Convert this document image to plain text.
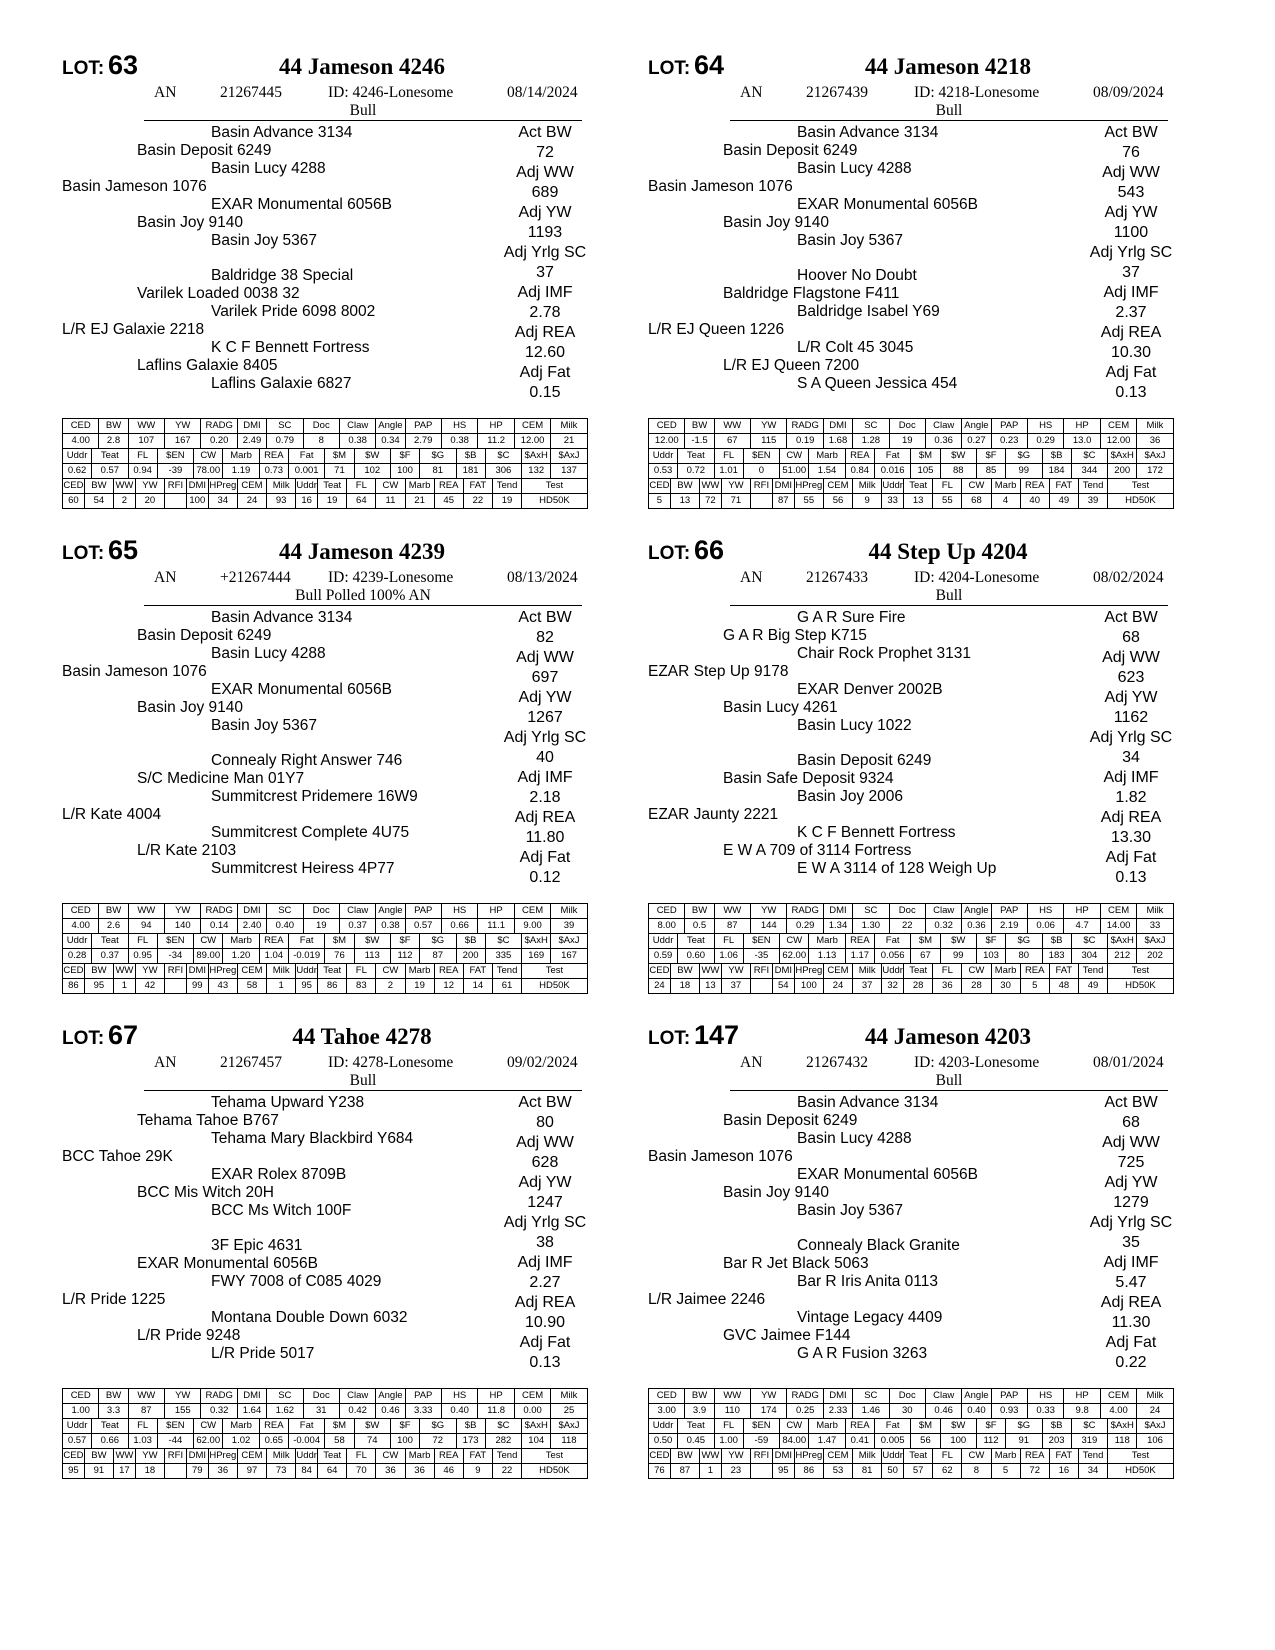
LOT: 63	44 Jameson 4246
AN	21267445	ID: 4246-Lonesome	08/14/2024
Bull
Basin Advance 3134
Basin Deposit 6249
Basin Lucy 4288
Basin Jameson 1076
EXAR Monumental 6056B
Basin Joy 9140
Basin Joy 5367
Baldridge 38 Special
Varilek Loaded 0038 32
Varilek Pride 6098 8002
L/R EJ Galaxie 2218
K C F Bennett Fortress
Laflins Galaxie 8405
Laflins Galaxie 6827
Act BW
72
Adj WW
689
Adj YW
1193
Adj Yrlg SC
37
Adj IMF
2.78
Adj REA
12.60
Adj Fat
0.15
CED			BW		WW			YW			RADG			DMI		SC			Doc			Claw			Angle		PAP			HS			HP			CEM		Milk
4.00			2.8		107			167			0.20			2.49		0.79			8			0.38			0.34		2.79			0.38			11.2			12.00		21
Uddr		Teat			FL		$EN			CW			Marb		REA		Fat				$M			$W		$F		$G			$B			$C			$AxH	$AxJ
0.62		0.57			0.94		-39			78.00			1.19		0.73		0.001				71			102		100		81			181			306			132	137
CED	BW			WW		YW		RFI	DMI			HPreg		CEM		Milk		Uddr		Teat			FL		CW		Marb		REA			FAT			Tend		Test	
60	54			2		20			100			34		24		93		16		19			64		11		21		45			22			19		HD50K	
LOT: 64	44 Jameson 4218
AN	21267439	ID: 4218-Lonesome	08/09/2024
Bull
Basin Advance 3134
Basin Deposit 6249
Basin Lucy 4288
Basin Jameson 1076
EXAR Monumental 6056B
Basin Joy 9140
Basin Joy 5367
Hoover No Doubt
Baldridge Flagstone F411
Baldridge Isabel Y69
L/R EJ Queen 1226
L/R Colt 45 3045
L/R EJ Queen 7200
S A Queen Jessica 454
Act BW
76
Adj WW
543
Adj YW
1100
Adj Yrlg SC
37
Adj IMF
2.37
Adj REA
10.30
Adj Fat
0.13
CED			BW		WW			YW			RADG			DMI		SC			Doc			Claw			Angle		PAP			HS			HP			CEM		Milk
12.00			-1.5		67			115			0.19			1.68		1.28			19			0.36			0.27		0.23			0.29			13.0			12.00		36
Uddr		Teat			FL		$EN			CW			Marb		REA		Fat				$M			$W		$F		$G			$B			$C			$AxH	$AxJ
0.53		0.72			1.01		0			51.00			1.54		0.84		0.016				105			88		85		99			184			344			200	172
CED	BW			WW		YW		RFI	DMI			HPreg		CEM		Milk		Uddr		Teat			FL		CW		Marb		REA			FAT			Tend		Test	
5	13			72		71			87			55		56		9		33		13			55		68		4		40			49			39		HD50K	
LOT: 65	44 Jameson 4239
AN	+21267444 ID: 4239-Lonesome	08/13/2024
Bull Polled 100% AN
Basin Advance 3134
Basin Deposit 6249
Basin Lucy 4288
Basin Jameson 1076
EXAR Monumental 6056B
Basin Joy 9140
Basin Joy 5367
Connealy Right Answer 746
S/C Medicine Man 01Y7
Summitcrest Pridemere 16W9
L/R Kate 4004
Summitcrest Complete 4U75
L/R Kate 2103
Summitcrest Heiress 4P77
Act BW
82
Adj WW
697
Adj YW
1267
Adj Yrlg SC
40
Adj IMF
2.18
Adj REA
11.80
Adj Fat
0.12
CED			BW		WW			YW			RADG			DMI		SC			Doc			Claw			Angle		PAP			HS			HP			CEM		Milk
4.00			2.6		94			140			0.14			2.40		0.40			19			0.37			0.38		0.57			0.66			11.1			9.00		39
Uddr		Teat			FL		$EN			CW			Marb		REA		Fat				$M			$W		$F		$G			$B			$C			$AxH	$AxJ
0.28		0.37			0.95		-34			89.00			1.20		1.04		-0.019				76			113		112		87			200			335			169	167
CED	BW			WW		YW		RFI	DMI			HPreg		CEM		Milk		Uddr		Teat			FL		CW		Marb		REA			FAT			Tend		Test	
86	95			1		42			99			43		58		1		95		86			83		2		19		12			14			61		HD50K	
LOT: 66	44 Step Up 4204
AN	21267433	ID: 4204-Lonesome	08/02/2024
Bull
G A R Sure Fire
G A R Big Step K715
Chair Rock Prophet 3131
EZAR Step Up 9178
EXAR Denver 2002B
Basin Lucy 4261
Basin Lucy 1022
Basin Deposit 6249
Basin Safe Deposit 9324
Basin Joy 2006
EZAR Jaunty 2221
K C F Bennett Fortress
E W A 709 of 3114 Fortress
E W A 3114 of 128 Weigh Up
Act BW
68
Adj WW
623
Adj YW
1162
Adj Yrlg SC
34
Adj IMF
1.82
Adj REA
13.30
Adj Fat
0.13
CED			BW		WW			YW			RADG			DMI		SC			Doc			Claw			Angle		PAP			HS			HP			CEM		Milk
8.00			0.5		87			144			0.29			1.34		1.30			22			0.32			0.36		2.19			0.06			4.7			14.00		33
Uddr		Teat			FL		$EN			CW			Marb		REA		Fat				$M			$W		$F		$G			$B			$C			$AxH	$AxJ
0.59		0.60			1.06		-35			62.00			1.13		1.17		0.056				67			99		103		80			183			304			212	202
CED	BW			WW		YW		RFI	DMI			HPreg		CEM		Milk		Uddr		Teat			FL		CW		Marb		REA			FAT			Tend		Test	
24	18			13		37			54			100		24		37		32		28			36		28		30		5			48			49		HD50K	
LOT: 67	44 Tahoe 4278
AN	21267457	ID: 4278-Lonesome	09/02/2024
Bull
Tehama Upward Y238
Tehama Tahoe B767
Tehama Mary Blackbird Y684
BCC Tahoe 29K
EXAR Rolex 8709B
BCC Mis Witch 20H
BCC Ms Witch 100F
3F Epic 4631
EXAR Monumental 6056B
FWY 7008 of C085 4029
L/R Pride 1225
Montana Double Down 6032
L/R Pride 9248
L/R Pride 5017
Act BW
80
Adj WW
628
Adj YW
1247
Adj Yrlg SC
38
Adj IMF
2.27
Adj REA
10.90
Adj Fat
0.13
CED			BW		WW			YW			RADG			DMI		SC			Doc			Claw			Angle		PAP			HS			HP			CEM		Milk
1.00			3.3		87			155			0.32			1.64		1.62			31			0.42			0.46		3.33			0.40			11.8			0.00		25
Uddr		Teat			FL		$EN			CW			Marb		REA		Fat				$M			$W		$F		$G			$B			$C			$AxH	$AxJ
0.57		0.66			1.03		-44			62.00			1.02		0.65		-0.004				58			74		100		72			173			282			104	118
CED	BW			WW		YW		RFI	DMI			HPreg		CEM		Milk		Uddr		Teat			FL		CW		Marb		REA			FAT			Tend		Test	
95	91			17		18			79			36		97		73		84		64			70		36		36		46			9			22		HD50K	
LOT: 147	44 Jameson 4203
AN	21267432	ID: 4203-Lonesome	08/01/2024
Bull
Basin Advance 3134
Basin Deposit 6249
Basin Lucy 4288
Basin Jameson 1076
EXAR Monumental 6056B
Basin Joy 9140
Basin Joy 5367
Connealy Black Granite
Bar R Jet Black 5063
Bar R Iris Anita 0113
L/R Jaimee 2246
Vintage Legacy 4409
GVC Jaimee F144
G A R Fusion 3263
Act BW
68
Adj WW
725
Adj YW
1279
Adj Yrlg SC
35
Adj IMF
5.47
Adj REA
11.30
Adj Fat
0.22
CED			BW		WW			YW			RADG			DMI		SC			Doc			Claw			Angle		PAP			HS			HP			CEM		Milk
3.00			3.9		110			174			0.25			2.33		1.46			30			0.46			0.40		0.93			0.33			9.8			4.00		24
Uddr		Teat			FL		$EN			CW			Marb		REA		Fat				$M			$W		$F		$G			$B			$C			$AxH	$AxJ
0.50		0.45			1.00		-59			84.00			1.47		0.41		0.005				56			100		112		91			203			319			118	106
CED	BW			WW		YW		RFI	DMI			HPreg		CEM		Milk		Uddr		Teat			FL		CW		Marb		REA			FAT			Tend		Test	
76	87			1		23			95			86		53		81		50		57			62		8		5		72			16			34		HD50K	
